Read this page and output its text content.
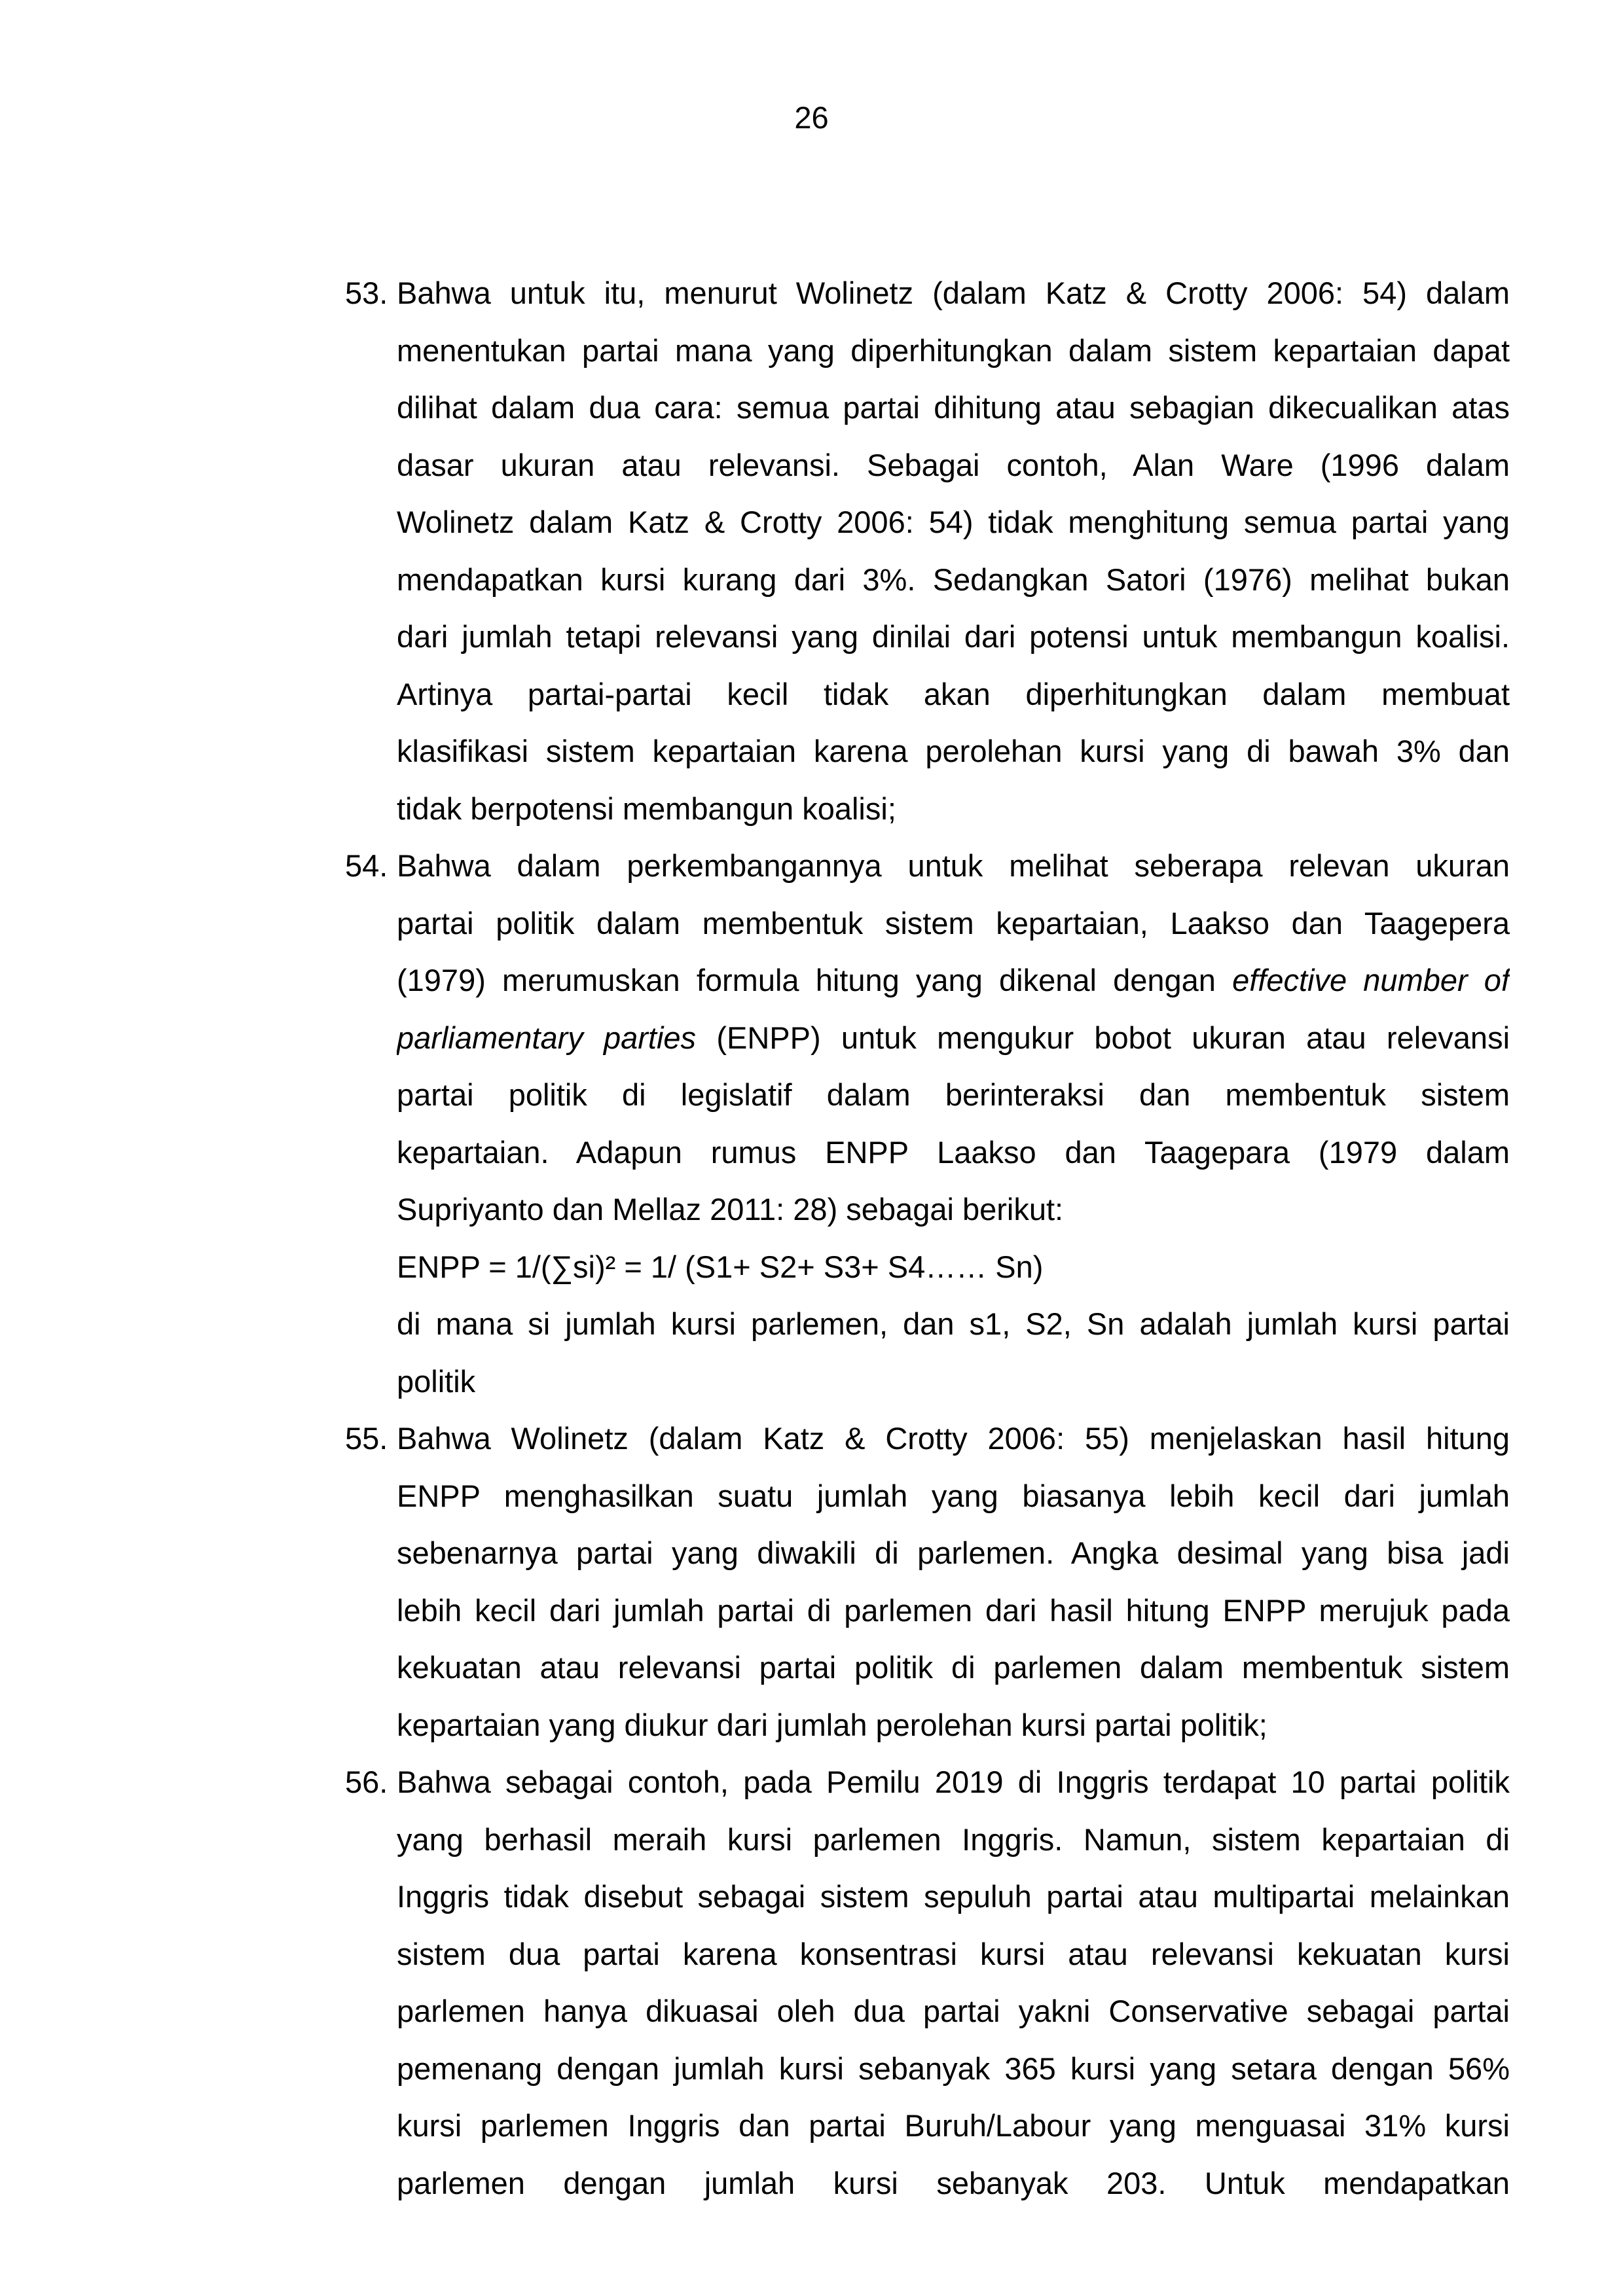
26
53. Bahwa untuk itu, menurut Wolinetz (dalam Katz & Crotty 2006: 54) dalam
menentukan partai mana yang diperhitungkan dalam sistem kepartaian dapat
dilihat dalam dua cara: semua partai dihitung atau sebagian dikecualikan atas
dasar ukuran atau relevansi. Sebagai contoh, Alan Ware (1996 dalam
Wolinetz dalam Katz & Crotty 2006: 54) tidak menghitung semua partai yang
mendapatkan kursi kurang dari 3%. Sedangkan Satori (1976) melihat bukan
dari jumlah tetapi relevansi yang dinilai dari potensi untuk membangun koalisi.
Artinya partai-partai kecil tidak akan diperhitungkan dalam membuat
klasifikasi sistem kepartaian karena perolehan kursi yang di bawah 3% dan
tidak berpotensi membangun koalisi;
54. Bahwa dalam perkembangannya untuk melihat seberapa relevan ukuran
partai politik dalam membentuk sistem kepartaian, Laakso dan Taagepera
(1979) merumuskan formula hitung yang dikenal dengan effective number of
parliamentary parties (ENPP) untuk mengukur bobot ukuran atau relevansi
partai politik di legislatif dalam berinteraksi dan membentuk sistem
kepartaian. Adapun rumus ENPP Laakso dan Taagepara (1979 dalam
Supriyanto dan Mellaz 2011: 28) sebagai berikut:
ENPP = 1/(∑si)² = 1/ (S1+ S2+ S3+ S4…… Sn)
di mana si jumlah kursi parlemen, dan s1, S2, Sn adalah jumlah kursi partai
politik
55. Bahwa Wolinetz (dalam Katz & Crotty 2006: 55) menjelaskan hasil hitung
ENPP menghasilkan suatu jumlah yang biasanya lebih kecil dari jumlah
sebenarnya partai yang diwakili di parlemen. Angka desimal yang bisa jadi
lebih kecil dari jumlah partai di parlemen dari hasil hitung ENPP merujuk pada
kekuatan atau relevansi partai politik di parlemen dalam membentuk sistem
kepartaian yang diukur dari jumlah perolehan kursi partai politik;
56. Bahwa sebagai contoh, pada Pemilu 2019 di Inggris terdapat 10 partai politik
yang berhasil meraih kursi parlemen Inggris. Namun, sistem kepartaian di
Inggris tidak disebut sebagai sistem sepuluh partai atau multipartai melainkan
sistem dua partai karena konsentrasi kursi atau relevansi kekuatan kursi
parlemen hanya dikuasai oleh dua partai yakni Conservative sebagai partai
pemenang dengan jumlah kursi sebanyak 365 kursi yang setara dengan 56%
kursi parlemen Inggris dan partai Buruh/Labour yang menguasai 31% kursi
parlemen dengan jumlah kursi sebanyak 203. Untuk mendapatkan
